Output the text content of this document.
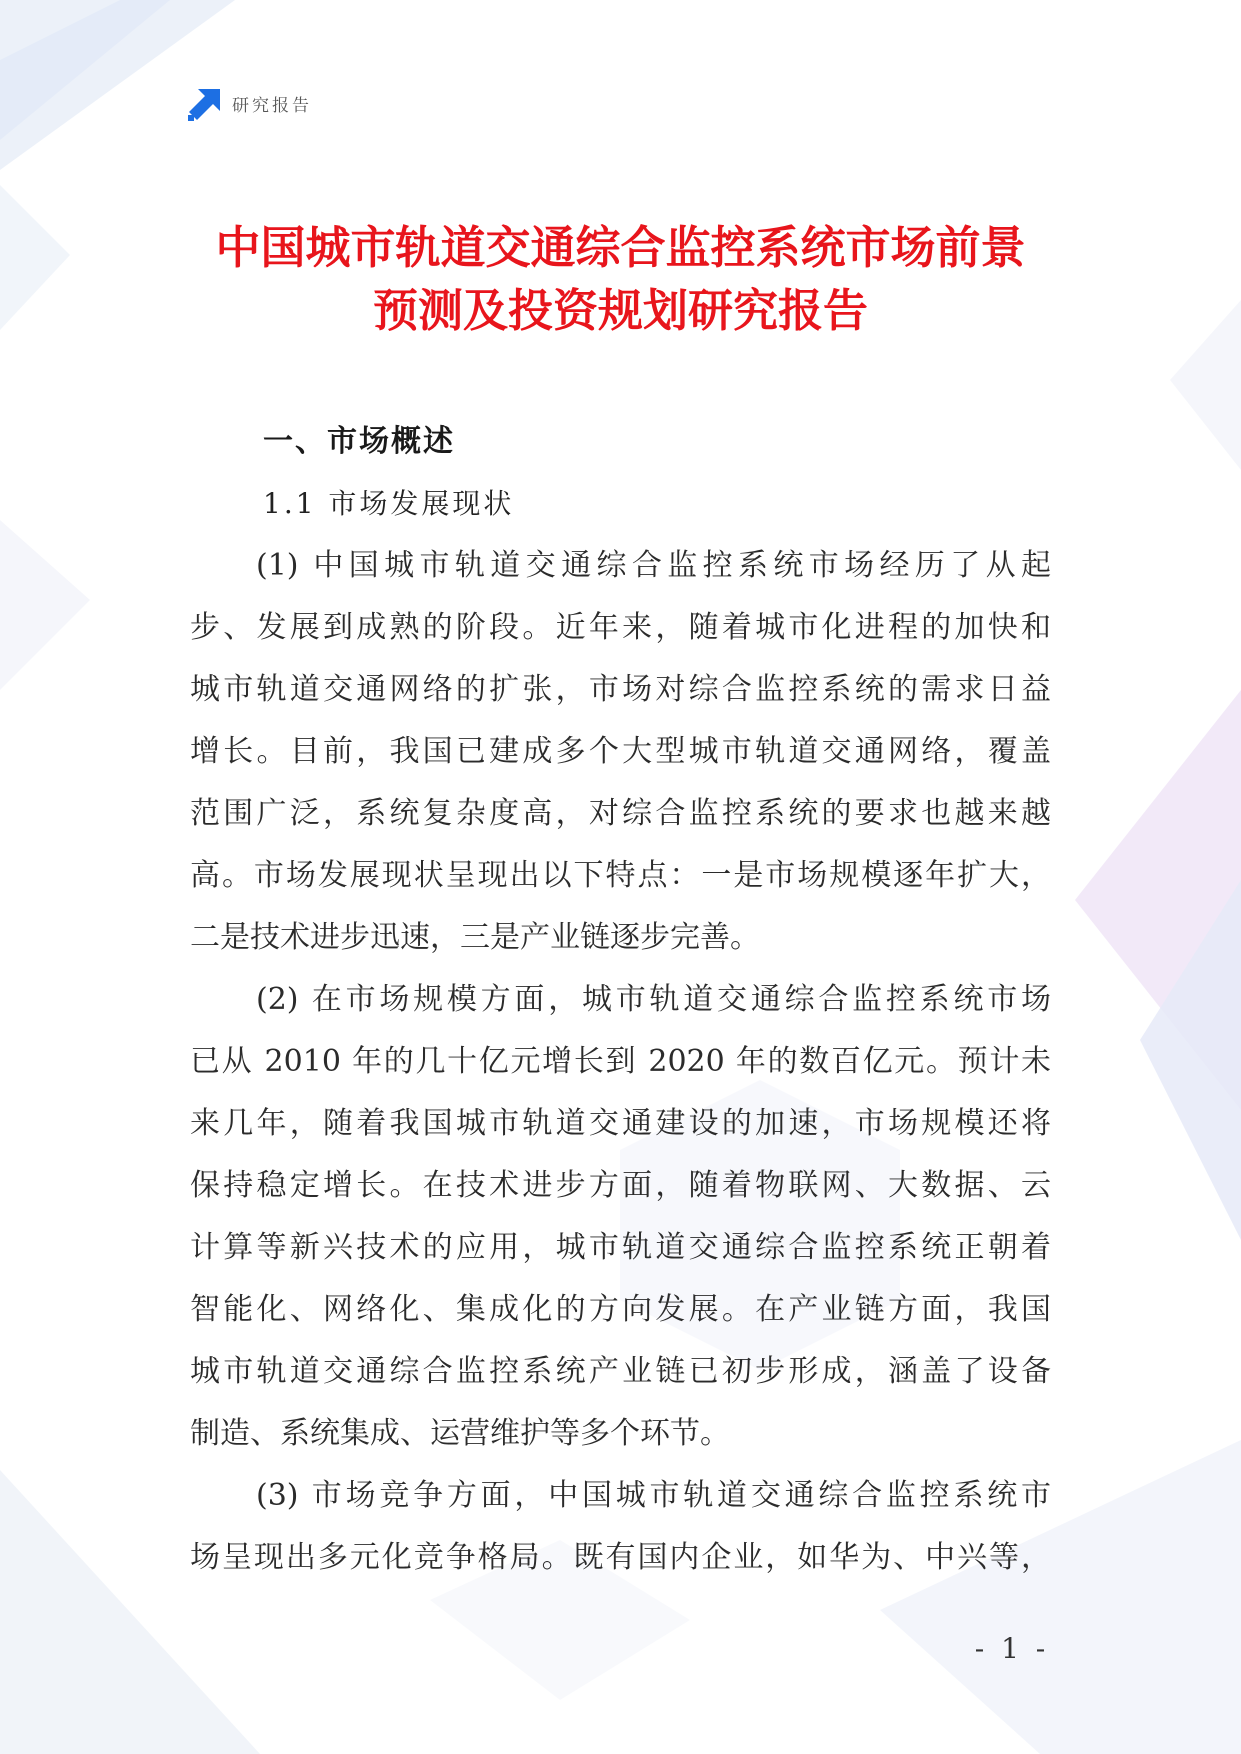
研究报告
中国城市轨道交通综合监控系统市场前景
预测及投资规划研究报告
一、市场概述
1.1 市场发展现状
(1) 中国城市轨道交通综合监控系统市场经历了从起
步、发展到成熟的阶段。近年来，随着城市化进程的加快和
城市轨道交通网络的扩张，市场对综合监控系统的需求日益
增长。目前，我国已建成多个大型城市轨道交通网络，覆盖
范围广泛，系统复杂度高，对综合监控系统的要求也越来越
高。市场发展现状呈现出以下特点：一是市场规模逐年扩大，
二是技术进步迅速，三是产业链逐步完善。
(2) 在市场规模方面，城市轨道交通综合监控系统市场
已从 2010 年的几十亿元增长到 2020 年的数百亿元。预计未
来几年，随着我国城市轨道交通建设的加速，市场规模还将
保持稳定增长。在技术进步方面，随着物联网、大数据、云
计算等新兴技术的应用，城市轨道交通综合监控系统正朝着
智能化、网络化、集成化的方向发展。在产业链方面，我国
城市轨道交通综合监控系统产业链已初步形成，涵盖了设备
制造、系统集成、运营维护等多个环节。
(3) 市场竞争方面，中国城市轨道交通综合监控系统市
场呈现出多元化竞争格局。既有国内企业，如华为、中兴等，
- 1 -
